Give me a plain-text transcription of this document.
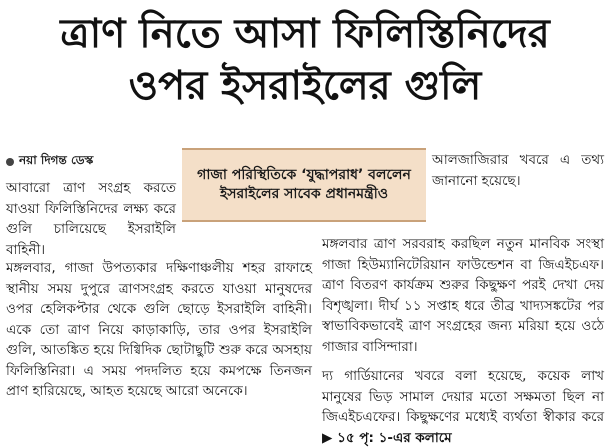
ত্রাণ নিতে আসা ফিলিস্তিনিদের
ওপর ইসরাইলের গুলি
নয়া দিগন্ত ডেস্ক
গাজা পরিস্থিতিকে ‘যুদ্ধাপরাধ’ বললেন ইসরাইলের সাবেক প্রধানমন্ত্রীও

আবারো ত্রাণ সংগ্রহ করতে যাওয়া ফিলিস্তিনিদের লক্ষ্য করে গুলি চালিয়েছে ইসরাইলি বাহিনী।

আলজাজিরার খবরে এ তথ্য জানানো হয়েছে।

মঙ্গলবার, গাজা উপত্যকার দক্ষিণাঞ্চলীয় শহর রাফাহে স্থানীয় সময় দুপুরে ত্রাণসংগ্রহ করতে যাওয়া মানুষদের ওপর হেলিকপ্টার থেকে গুলি ছোড়ে ইসরাইলি বাহিনী। একে তো ত্রাণ নিয়ে কাড়াকাড়ি, তার ওপর ইসরাইলি গুলি, আতঙ্কিত হয়ে দিগ্বিদিক ছোটাছুটি শুরু করে অসহায় ফিলিস্তিনিরা। এ সময় পদদলিত হয়ে কমপক্ষে তিনজন প্রাণ হারিয়েছে, আহত হয়েছে আরো অনেকে।

মঙ্গলবার ত্রাণ সরবরাহ করছিল নতুন মানবিক সংস্থা গাজা হিউম্যানিটেরিয়ান ফাউন্ডেশন বা জিএইচএফ। ত্রাণ বিতরণ কার্যক্রম শুরুর কিছুক্ষণ পরই দেখা দেয় বিশৃঙ্খলা। দীর্ঘ ১১ সপ্তাহ ধরে তীব্র খাদ্যসঙ্কটের পর স্বাভাবিকভাবেই ত্রাণ সংগ্রহের জন্য মরিয়া হয়ে ওঠে গাজার বাসিন্দারা।

দ্য গার্ডিয়ানের খবরে বলা হয়েছে, কয়েক লাখ মানুষের ভিড় সামাল দেয়ার মতো সক্ষমতা ছিল না জিএইচএফের। কিছুক্ষণের মধ্যেই ব্যর্থতা স্বীকার করে ▶ ১৫ পৃ: ১-এর কলামে
